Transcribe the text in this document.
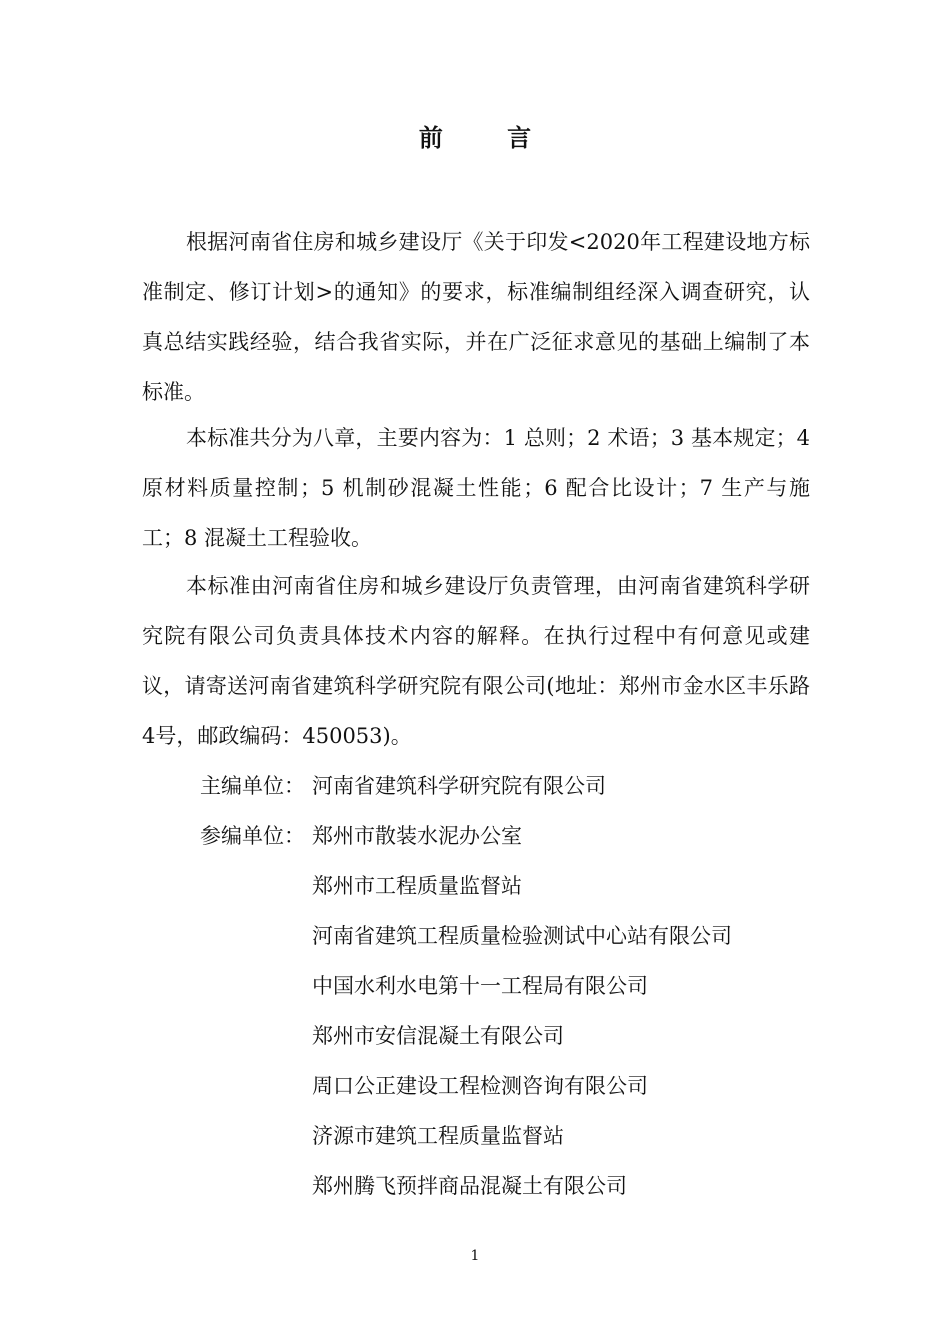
前 言

根据河南省住房和城乡建设厅《关于印发<2020年工程建设地方标准制定、修订计划>的通知》的要求，标准编制组经深入调查研究，认真总结实践经验，结合我省实际，并在广泛征求意见的基础上编制了本标准。

本标准共分为八章，主要内容为：1 总则；2 术语；3 基本规定；4 原材料质量控制；5 机制砂混凝土性能；6 配合比设计；7 生产与施工；8 混凝土工程验收。

本标准由河南省住房和城乡建设厅负责管理，由河南省建筑科学研究院有限公司负责具体技术内容的解释。在执行过程中有何意见或建议，请寄送河南省建筑科学研究院有限公司(地址：郑州市金水区丰乐路4号，邮政编码：450053)。

主编单位： 河南省建筑科学研究院有限公司
参编单位： 郑州市散装水泥办公室
郑州市工程质量监督站
河南省建筑工程质量检验测试中心站有限公司
中国水利水电第十一工程局有限公司
郑州市安信混凝土有限公司
周口公正建设工程检测咨询有限公司
济源市建筑工程质量监督站
郑州腾飞预拌商品混凝土有限公司
1
